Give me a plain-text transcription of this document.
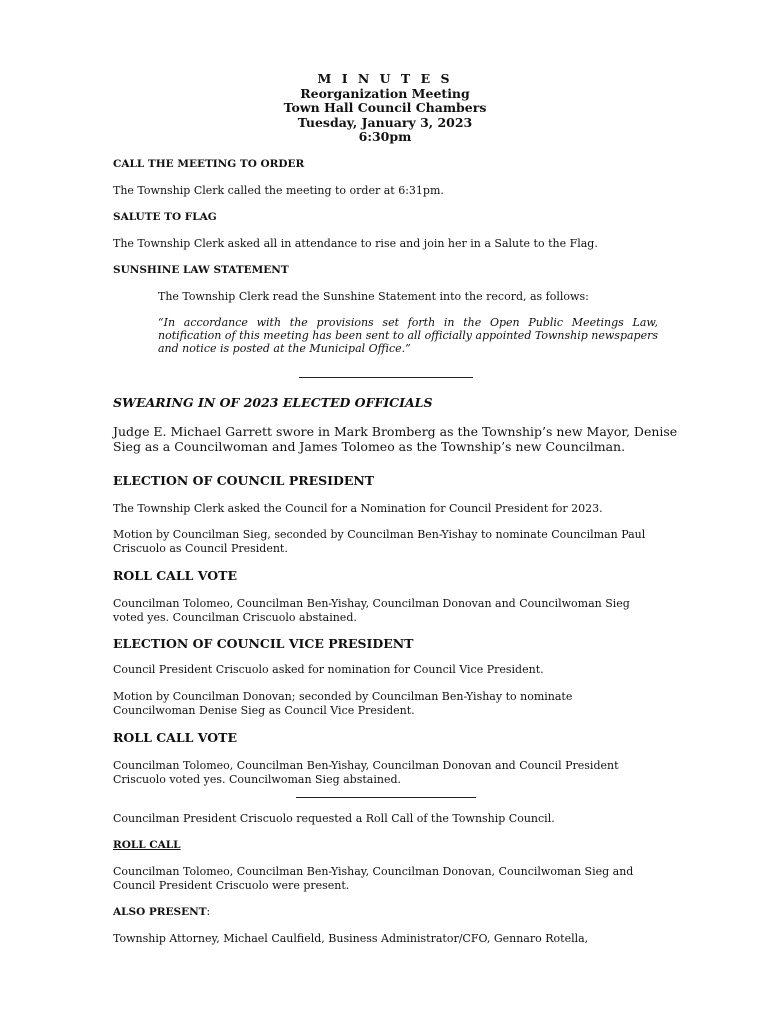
M I N U T E S
Reorganization Meeting
Town Hall Council Chambers
Tuesday, January 3, 2023
6:30pm
CALL THE MEETING TO ORDER
The Township Clerk called the meeting to order at 6:31pm.
SALUTE TO FLAG
The Township Clerk asked all in attendance to rise and join her in a Salute to the Flag.
SUNSHINE LAW STATEMENT
The Township Clerk read the Sunshine Statement into the record, as follows:
“In accordance with the provisions set forth in the Open Public Meetings Law, notification of this meeting has been sent to all officially appointed Township newspapers and notice is posted at the Municipal Office.”
SWEARING IN OF 2023 ELECTED OFFICIALS
Judge E. Michael Garrett swore in Mark Bromberg as the Township’s new Mayor, Denise Sieg as a Councilwoman and James Tolomeo as the Township’s new Councilman.
ELECTION OF COUNCIL PRESIDENT
The Township Clerk asked the Council for a Nomination for Council President for 2023.
Motion by Councilman Sieg, seconded by Councilman Ben-Yishay to nominate Councilman Paul Criscuolo as Council President.
ROLL CALL VOTE
Councilman Tolomeo, Councilman Ben-Yishay, Councilman Donovan and Councilwoman Sieg voted yes. Councilman Criscuolo abstained.
ELECTION OF COUNCIL VICE PRESIDENT
Council President Criscuolo asked for nomination for Council Vice President.
Motion by Councilman Donovan; seconded by Councilman Ben-Yishay to nominate Councilwoman Denise Sieg as Council Vice President.
ROLL CALL VOTE
Councilman Tolomeo, Councilman Ben-Yishay, Councilman Donovan and Council President Criscuolo voted yes. Councilwoman Sieg abstained.
Councilman President Criscuolo requested a Roll Call of the Township Council.
ROLL CALL
Councilman Tolomeo, Councilman Ben-Yishay, Councilman Donovan, Councilwoman Sieg and Council President Criscuolo were present.
ALSO PRESENT:
Township Attorney, Michael Caulfield, Business Administrator/CFO, Gennaro Rotella,
